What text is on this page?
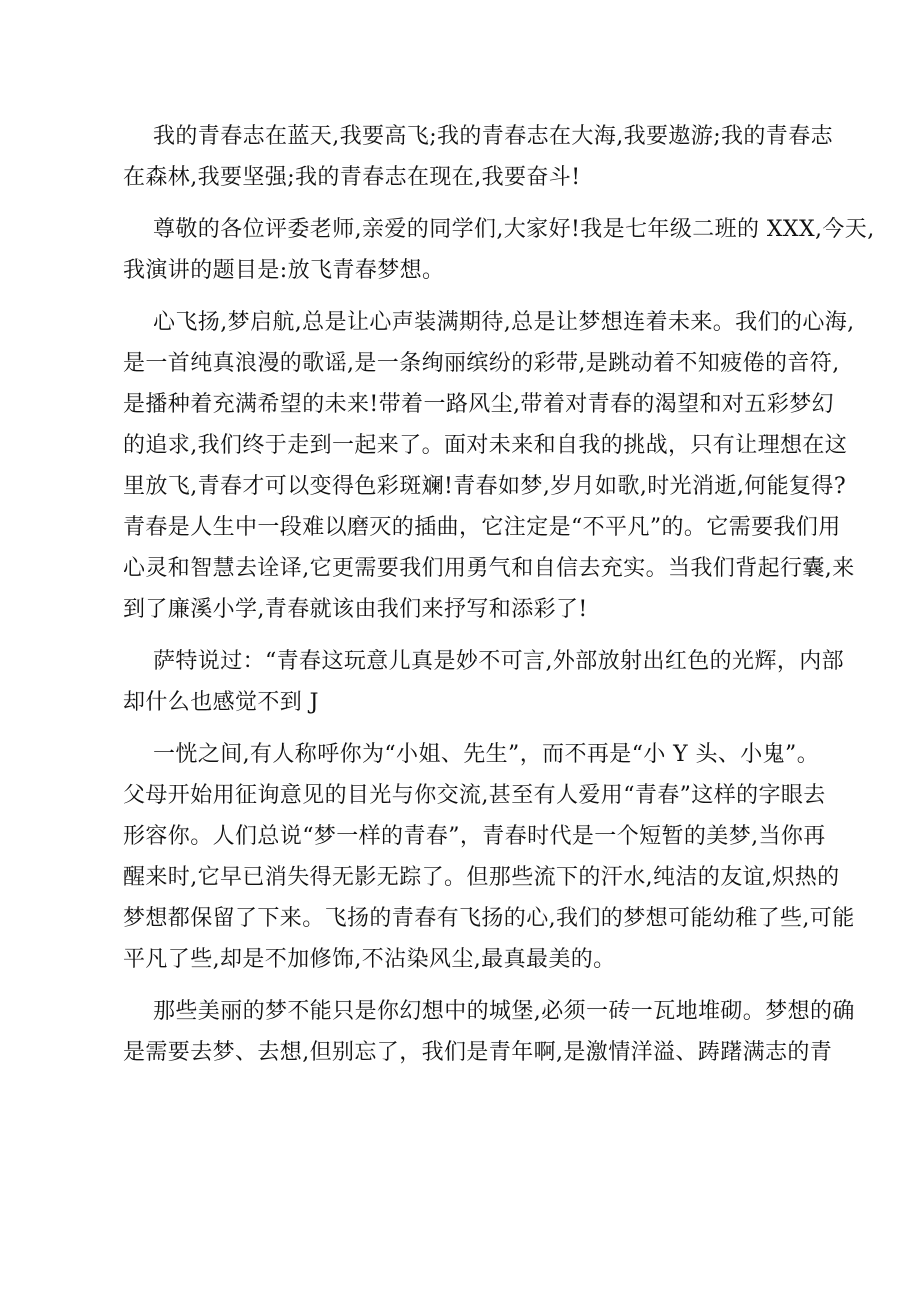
我的青春志在蓝天,我要高飞;我的青春志在大海,我要遨游;我的青春志
在森林,我要坚强;我的青春志在现在,我要奋斗!
尊敬的各位评委老师,亲爱的同学们,大家好!我是七年级二班的 XXX,今天,
我演讲的题目是:放飞青春梦想。
心飞扬,梦启航,总是让心声装满期待,总是让梦想连着未来。我们的心海,
是一首纯真浪漫的歌谣,是一条绚丽缤纷的彩带,是跳动着不知疲倦的音符,
是播种着充满希望的未来!带着一路风尘,带着对青春的渴望和对五彩梦幻
的追求,我们终于走到一起来了。面对未来和自我的挑战，只有让理想在这
里放飞,青春才可以变得色彩斑斓!青春如梦,岁月如歌,时光消逝,何能复得?
青春是人生中一段难以磨灭的插曲，它注定是“不平凡”的。它需要我们用
心灵和智慧去诠译,它更需要我们用勇气和自信去充实。当我们背起行囊,来
到了廉溪小学,青春就该由我们来抒写和添彩了!
萨特说过：“青春这玩意儿真是妙不可言,外部放射出红色的光辉，内部
却什么也感觉不到 J
一恍之间,有人称呼你为“小姐、先生”，而不再是“小 Y 头、小鬼”。
父母开始用征询意见的目光与你交流,甚至有人爱用“青春”这样的字眼去
形容你。人们总说“梦一样的青春”，青春时代是一个短暂的美梦,当你再
醒来时,它早已消失得无影无踪了。但那些流下的汗水,纯洁的友谊,炽热的
梦想都保留了下来。飞扬的青春有飞扬的心,我们的梦想可能幼稚了些,可能
平凡了些,却是不加修饰,不沾染风尘,最真最美的。
那些美丽的梦不能只是你幻想中的城堡,必须一砖一瓦地堆砌。梦想的确
是需要去梦、去想,但别忘了，我们是青年啊,是激情洋溢、踌躇满志的青
